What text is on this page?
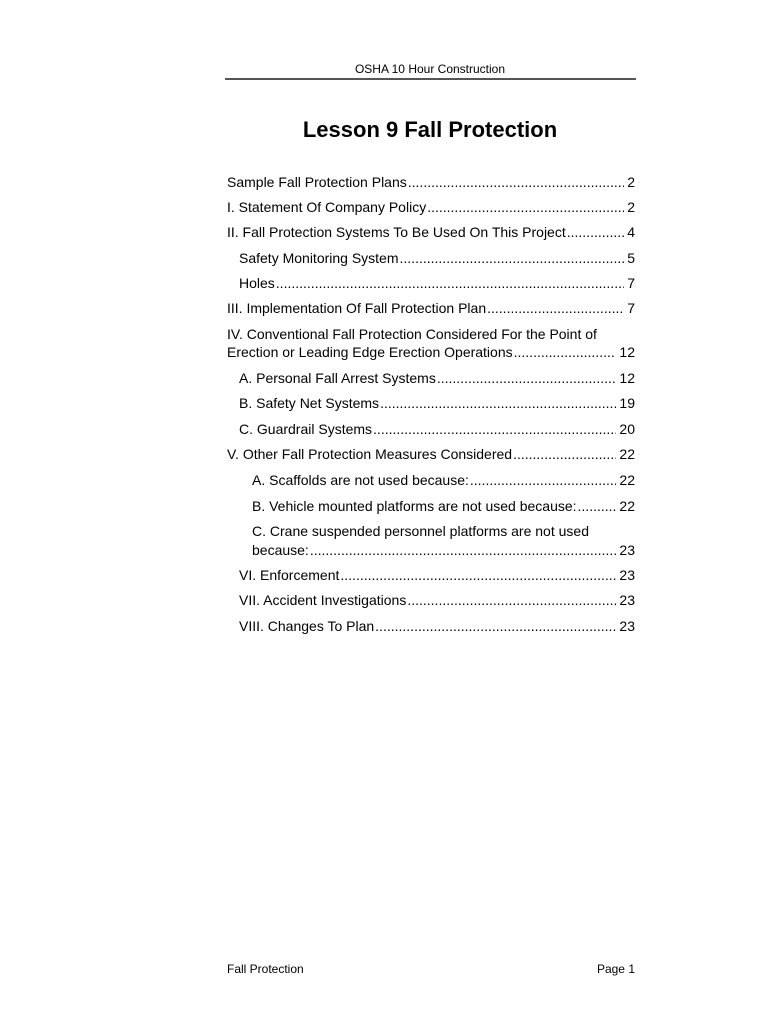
OSHA 10 Hour Construction
Lesson 9 Fall Protection
Sample Fall Protection Plans .....	2
I. Statement Of Company Policy .....	2
II. Fall Protection Systems To Be Used On This Project .....	4
Safety Monitoring System .....	5
Holes .....	7
III. Implementation Of Fall Protection Plan .....	7
IV. Conventional Fall Protection Considered For the Point of
Erection or Leading Edge Erection Operations .....	12
A. Personal Fall Arrest Systems .....	12
B. Safety Net Systems .....	19
C. Guardrail Systems .....	20
V. Other Fall Protection Measures Considered .....	22
A. Scaffolds are not used because: .....	22
B. Vehicle mounted platforms are not used because: .....	22
C. Crane suspended personnel platforms are not used
because: .....	23
VI. Enforcement .....	23
VII. Accident Investigations .....	23
VIII. Changes To Plan .....	23
Fall Protection	Page 1
